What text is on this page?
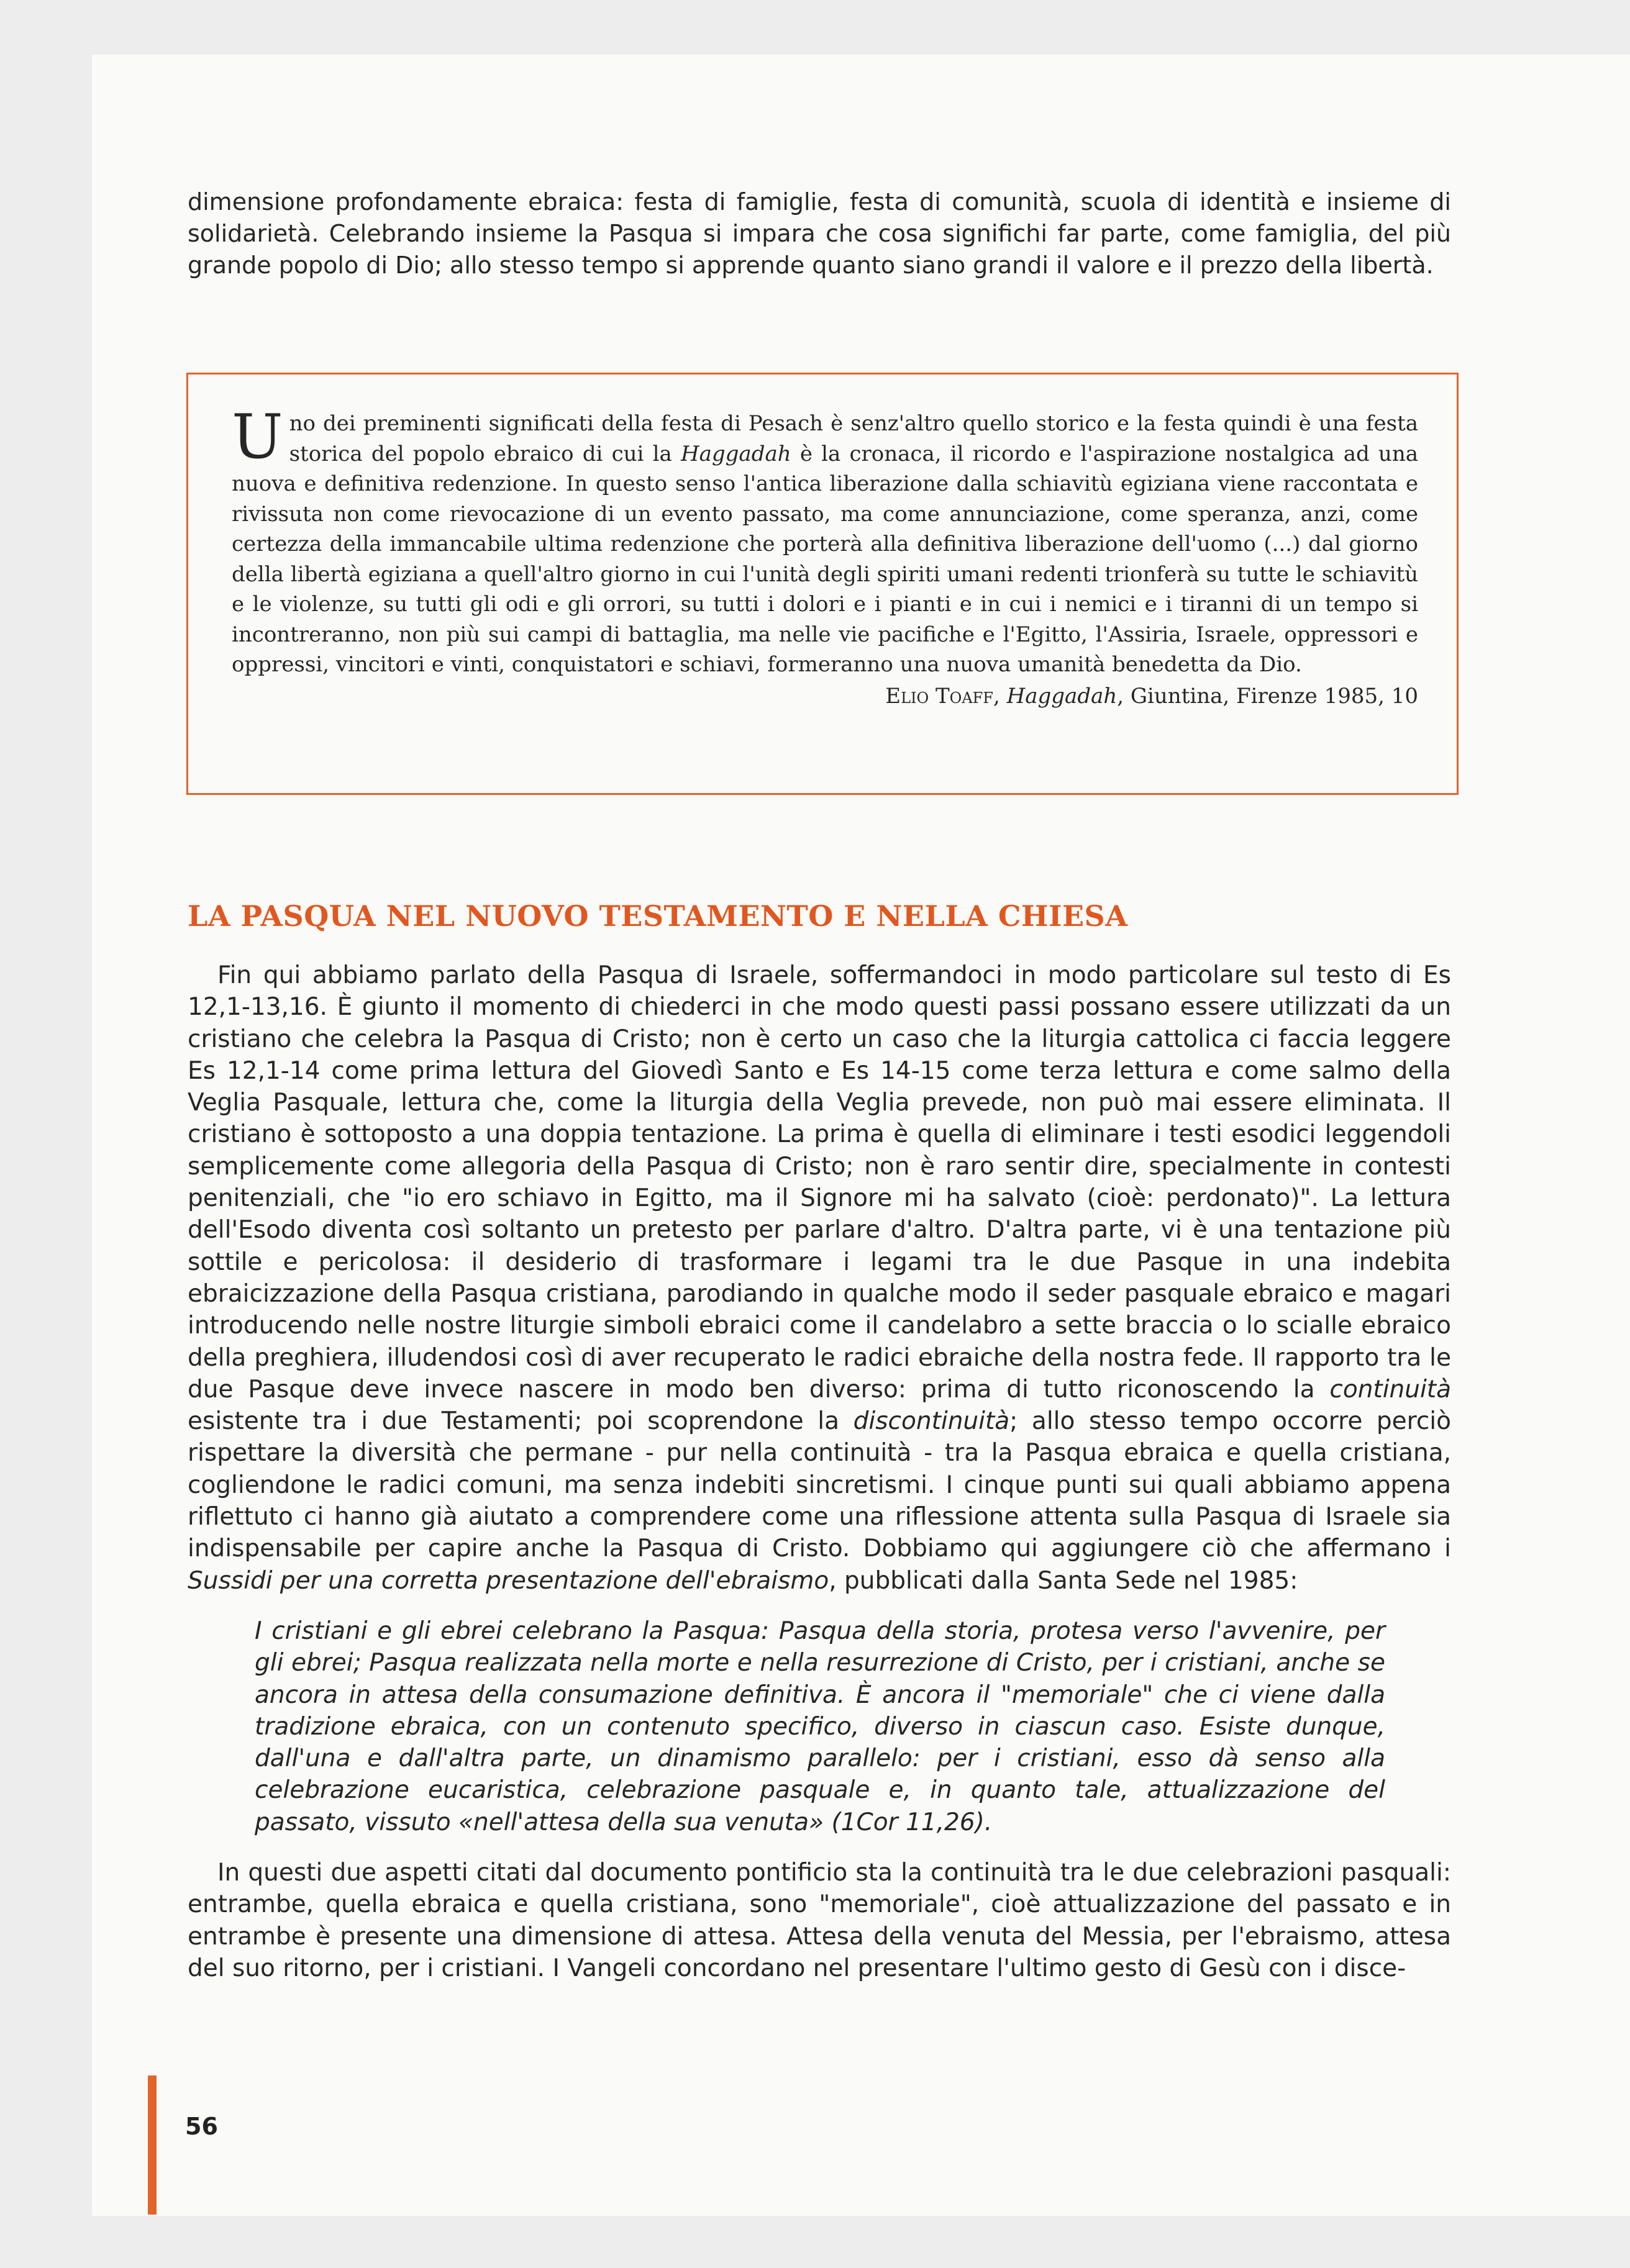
dimensione profondamente ebraica: festa di famiglie, festa di comunità, scuola di identità e insieme di solidarietà. Celebrando insieme la Pasqua si impara che cosa significhi far parte, come famiglia, del più grande popolo di Dio; allo stesso tempo si apprende quanto siano grandi il valore e il prezzo della libertà.

Uno dei preminenti significati della festa di Pesach è senz'altro quello storico e la festa quindi è una festa storica del popolo ebraico di cui la Haggadah è la cronaca, il ricordo e l'aspirazione nostalgica ad una nuova e definitiva redenzione. In questo senso l'antica liberazione dalla schiavitù egiziana viene raccontata e rivissuta non come rievocazione di un evento passato, ma come annunciazione, come speranza, anzi, come certezza della immancabile ultima redenzione che porterà alla definitiva liberazione dell'uomo (...) dal giorno della libertà egiziana a quell'altro giorno in cui l'unità degli spiriti umani redenti trionferà su tutte le schiavitù e le violenze, su tutti gli odi e gli orrori, su tutti i dolori e i pianti e in cui i nemici e i tiranni di un tempo si incontreranno, non più sui campi di battaglia, ma nelle vie pacifiche e l'Egitto, l'Assiria, Israele, oppressori e oppressi, vincitori e vinti, conquistatori e schiavi, formeranno una nuova umanità benedetta da Dio.

Elio Toaff, Haggadah, Giuntina, Firenze 1985, 10
LA PASQUA NEL NUOVO TESTAMENTO E NELLA CHIESA

Fin qui abbiamo parlato della Pasqua di Israele, soffermandoci in modo particolare sul testo di Es 12,1-13,16. È giunto il momento di chiederci in che modo questi passi possano essere utilizzati da un cristiano che celebra la Pasqua di Cristo; non è certo un caso che la liturgia cattolica ci faccia leggere Es 12,1-14 come prima lettura del Giovedì Santo e Es 14-15 come terza lettura e come salmo della Veglia Pasquale, lettura che, come la liturgia della Veglia prevede, non può mai essere eliminata. Il cristiano è sottoposto a una doppia tentazione. La prima è quella di eliminare i testi esodici leggendoli semplicemente come allegoria della Pasqua di Cristo; non è raro sentir dire, specialmente in contesti penitenziali, che "io ero schiavo in Egitto, ma il Signore mi ha salvato (cioè: perdonato)". La lettura dell'Esodo diventa così soltanto un pretesto per parlare d'altro. D'altra parte, vi è una tentazione più sottile e pericolosa: il desiderio di trasformare i legami tra le due Pasque in una indebita ebraicizzazione della Pasqua cristiana, parodiando in qualche modo il seder pasquale ebraico e magari introducendo nelle nostre liturgie simboli ebraici come il candelabro a sette braccia o lo scialle ebraico della preghiera, illudendosi così di aver recuperato le radici ebraiche della nostra fede. Il rapporto tra le due Pasque deve invece nascere in modo ben diverso: prima di tutto riconoscendo la continuità esistente tra i due Testamenti; poi scoprendone la discontinuità; allo stesso tempo occorre perciò rispettare la diversità che permane - pur nella continuità - tra la Pasqua ebraica e quella cristiana, cogliendone le radici comuni, ma senza indebiti sincretismi. I cinque punti sui quali abbiamo appena riflettuto ci hanno già aiutato a comprendere come una riflessione attenta sulla Pasqua di Israele sia indispensabile per capire anche la Pasqua di Cristo. Dobbiamo qui aggiungere ciò che affermano i Sussidi per una corretta presentazione dell'ebraismo, pubblicati dalla Santa Sede nel 1985:

I cristiani e gli ebrei celebrano la Pasqua: Pasqua della storia, protesa verso l'avvenire, per gli ebrei; Pasqua realizzata nella morte e nella resurrezione di Cristo, per i cristiani, anche se ancora in attesa della consumazione definitiva. È ancora il "memoriale" che ci viene dalla tradizione ebraica, con un contenuto specifico, diverso in ciascun caso. Esiste dunque, dall'una e dall'altra parte, un dinamismo parallelo: per i cristiani, esso dà senso alla celebrazione eucaristica, celebrazione pasquale e, in quanto tale, attualizzazione del passato, vissuto «nell'attesa della sua venuta» (1Cor 11,26).

In questi due aspetti citati dal documento pontificio sta la continuità tra le due celebrazioni pasquali: entrambe, quella ebraica e quella cristiana, sono "memoriale", cioè attualizzazione del passato e in entrambe è presente una dimensione di attesa. Attesa della venuta del Messia, per l'ebraismo, attesa del suo ritorno, per i cristiani. I Vangeli concordano nel presentare l'ultimo gesto di Gesù con i disce-

56
